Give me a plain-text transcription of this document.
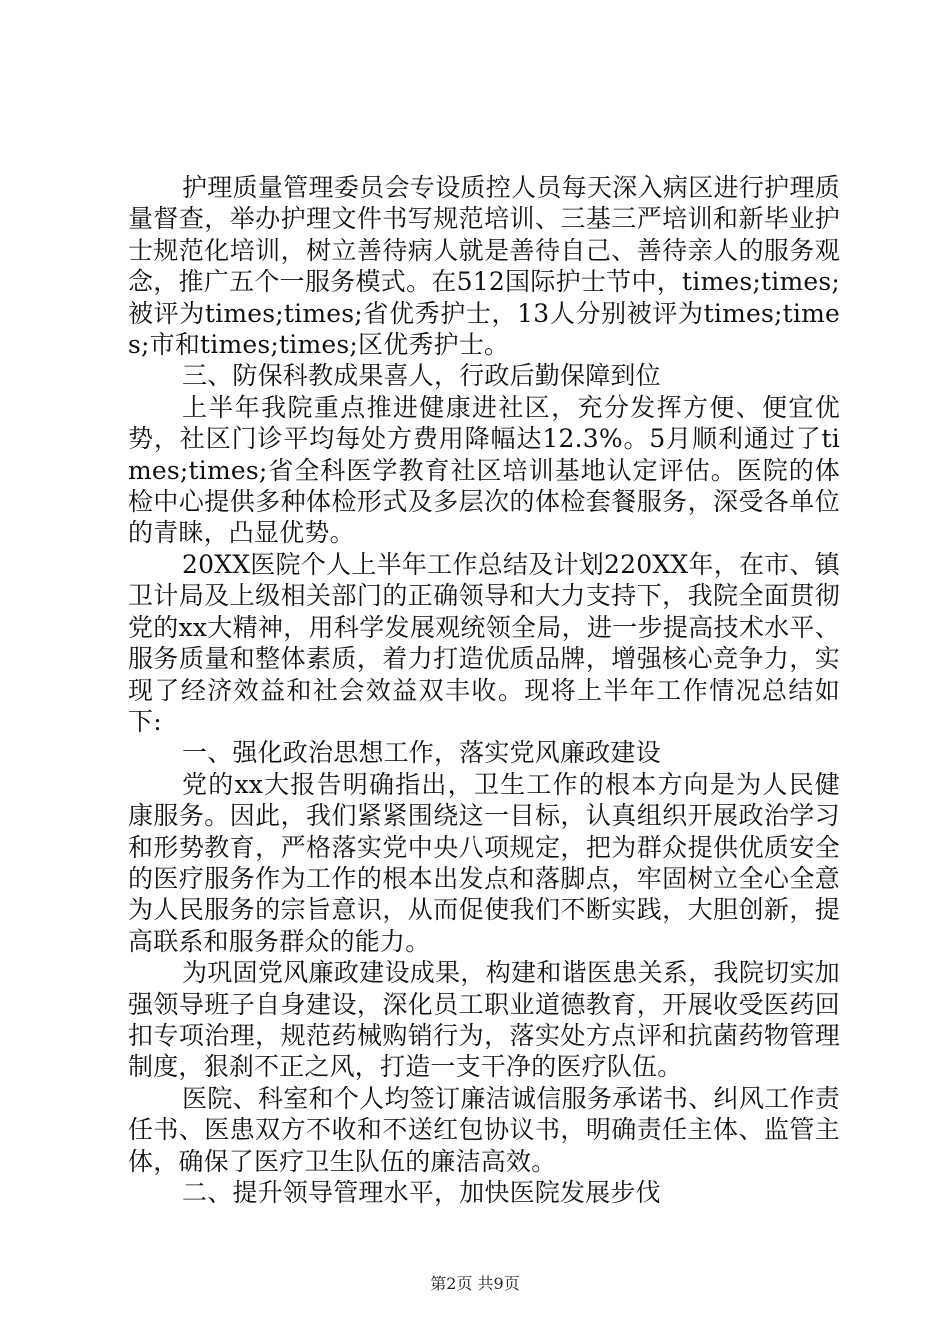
护理质量管理委员会专设质控人员每天深入病区进行护理质量督查，举办护理文件书写规范培训、三基三严培训和新毕业护士规范化培训，树立善待病人就是善待自己、善待亲人的服务观念，推广五个一服务模式。在512国际护士节中，times;times;被评为times;times;省优秀护士，13人分别被评为times;times;市和times;times;区优秀护士。

三、防保科教成果喜人，行政后勤保障到位

上半年我院重点推进健康进社区，充分发挥方便、便宜优势，社区门诊平均每处方费用降幅达12.3%。5月顺利通过了times;times;省全科医学教育社区培训基地认定评估。医院的体检中心提供多种体检形式及多层次的体检套餐服务，深受各单位的青睐，凸显优势。

20XX医院个人上半年工作总结及计划220XX年，在市、镇卫计局及上级相关部门的正确领导和大力支持下，我院全面贯彻党的xx大精神，用科学发展观统领全局，进一步提高技术水平、服务质量和整体素质，着力打造优质品牌，增强核心竞争力，实现了经济效益和社会效益双丰收。现将上半年工作情况总结如下:

一、强化政治思想工作，落实党风廉政建设

党的xx大报告明确指出，卫生工作的根本方向是为人民健康服务。因此，我们紧紧围绕这一目标，认真组织开展政治学习和形势教育，严格落实党中央八项规定，把为群众提供优质安全的医疗服务作为工作的根本出发点和落脚点，牢固树立全心全意为人民服务的宗旨意识，从而促使我们不断实践，大胆创新，提高联系和服务群众的能力。

为巩固党风廉政建设成果，构建和谐医患关系，我院切实加强领导班子自身建设，深化员工职业道德教育，开展收受医药回扣专项治理，规范药械购销行为，落实处方点评和抗菌药物管理制度，狠刹不正之风，打造一支干净的医疗队伍。

医院、科室和个人均签订廉洁诚信服务承诺书、纠风工作责任书、医患双方不收和不送红包协议书，明确责任主体、监管主体，确保了医疗卫生队伍的廉洁高效。

二、提升领导管理水平，加快医院发展步伐

第2页 共9页
